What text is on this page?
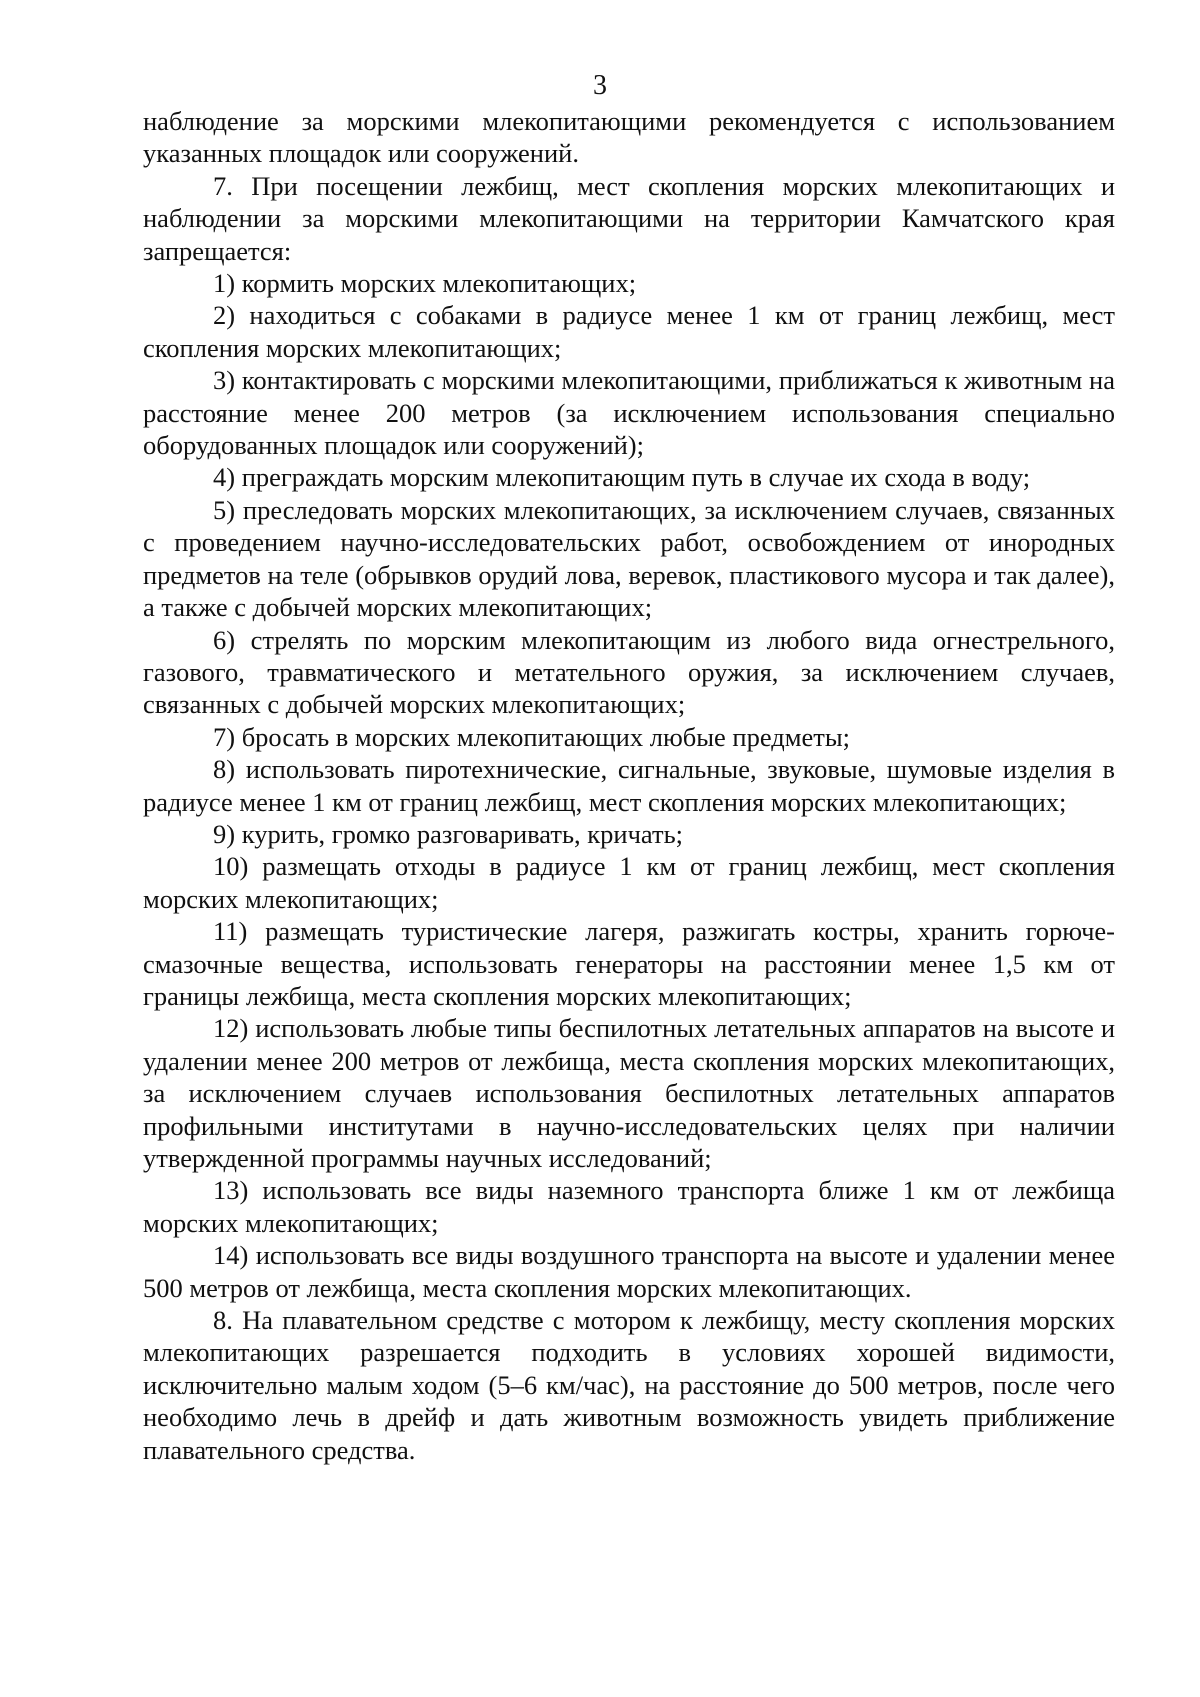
3

наблюдение за морскими млекопитающими рекомендуется с использованием указанных площадок или сооружений.

7. При посещении лежбищ, мест скопления морских млекопитающих и наблюдении за морскими млекопитающими на территории Камчатского края запрещается:

1) кормить морских млекопитающих;

2) находиться с собаками в радиусе менее 1 км от границ лежбищ, мест скопления морских млекопитающих;

3) контактировать с морскими млекопитающими, приближаться к животным на расстояние менее 200 метров (за исключением использования специально оборудованных площадок или сооружений);

4) преграждать морским млекопитающим путь в случае их схода в воду;

5) преследовать морских млекопитающих, за исключением случаев, связанных с проведением научно-исследовательских работ, освобождением от инородных предметов на теле (обрывков орудий лова, веревок, пластикового мусора и так далее), а также с добычей морских млекопитающих;

6) стрелять по морским млекопитающим из любого вида огнестрельного, газового, травматического и метательного оружия, за исключением случаев, связанных с добычей морских млекопитающих;

7) бросать в морских млекопитающих любые предметы;

8) использовать пиротехнические, сигнальные, звуковые, шумовые изделия в радиусе менее 1 км от границ лежбищ, мест скопления морских млекопитающих;

9) курить, громко разговаривать, кричать;

10) размещать отходы в радиусе 1 км от границ лежбищ, мест скопления морских млекопитающих;

11) размещать туристические лагеря, разжигать костры, хранить горюче-смазочные вещества, использовать генераторы на расстоянии менее 1,5 км от границы лежбища, места скопления морских млекопитающих;

12) использовать любые типы беспилотных летательных аппаратов на высоте и удалении менее 200 метров от лежбища, места скопления морских млекопитающих, за исключением случаев использования беспилотных летательных аппаратов профильными институтами в научно-исследовательских целях при наличии утвержденной программы научных исследований;

13) использовать все виды наземного транспорта ближе 1 км от лежбища морских млекопитающих;

14) использовать все виды воздушного транспорта на высоте и удалении менее 500 метров от лежбища, места скопления морских млекопитающих.

8. На плавательном средстве с мотором к лежбищу, месту скопления морских млекопитающих разрешается подходить в условиях хорошей видимости, исключительно малым ходом (5–6 км/час), на расстояние до 500 метров, после чего необходимо лечь в дрейф и дать животным возможность увидеть приближение плавательного средства.
